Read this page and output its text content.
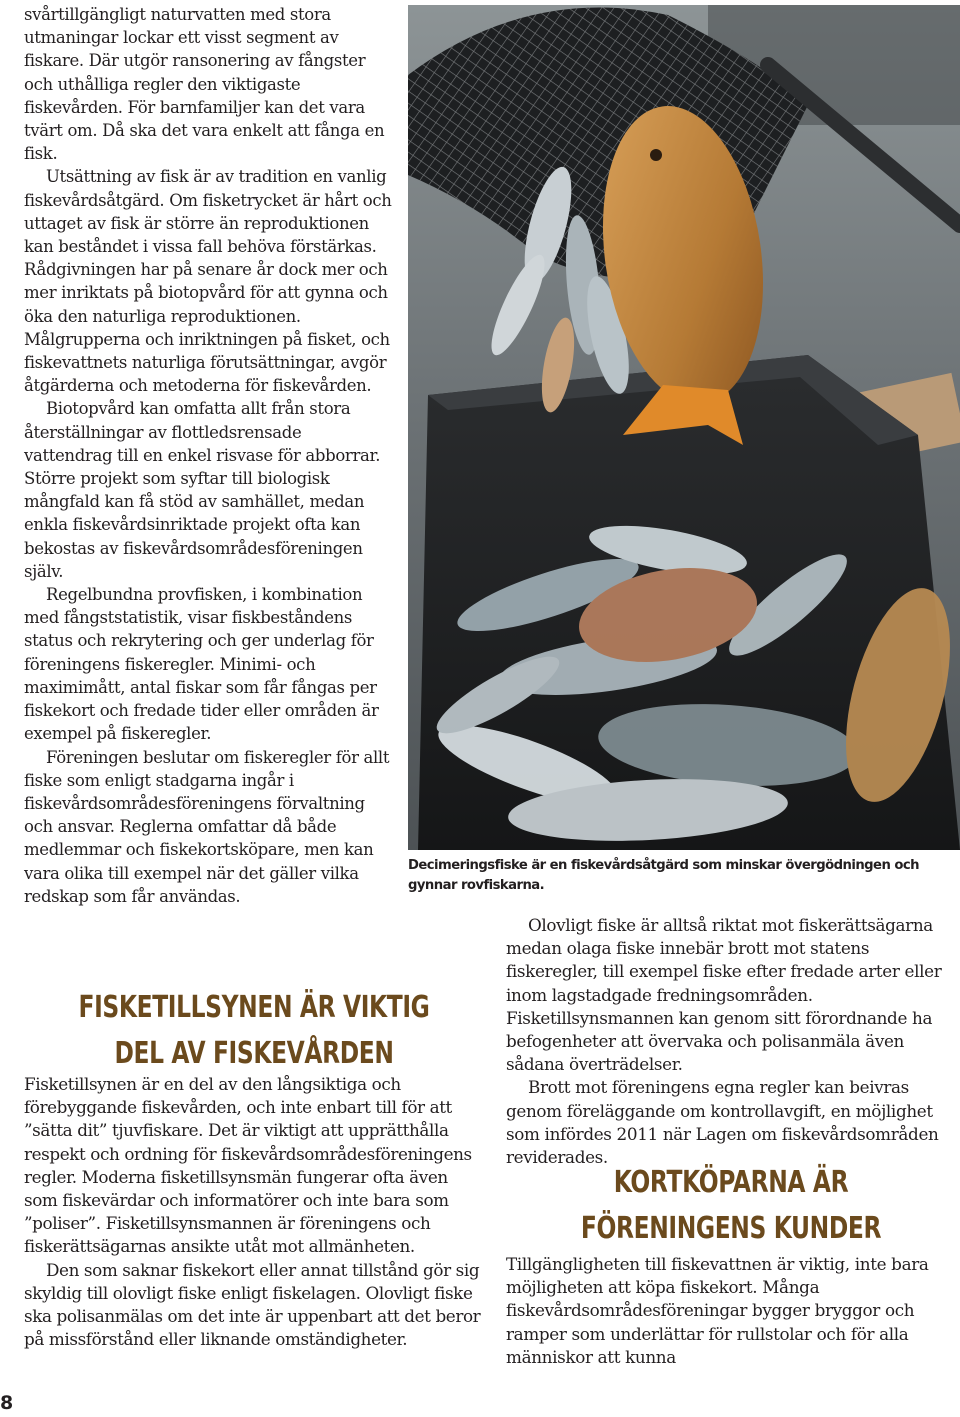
svårtillgängligt naturvatten med stora utmaningar lockar ett visst segment av fiskare. Där utgör ransonering av fångster och uthålliga regler den viktigaste fiskevården. För barnfamiljer kan det vara tvärt om. Då ska det vara enkelt att fånga en fisk.

Utsättning av fisk är av tradition en vanlig fiskevårdsåtgärd. Om fisketrycket är hårt och uttaget av fisk är större än reproduktionen kan beståndet i vissa fall behöva förstärkas. Rådgivningen har på senare år dock mer och mer inriktats på biotopvård för att gynna och öka den naturliga reproduktionen. Målgrupperna och inriktningen på fisket, och fiskevattnets naturliga förutsättningar, avgör åtgärderna och metoderna för fiskevården.

Biotopvård kan omfatta allt från stora återställningar av flottledsrensade vattendrag till en enkel risvase för abborrar. Större projekt som syftar till biologisk mångfald kan få stöd av samhället, medan enkla fiskevårdsinriktade projekt ofta kan bekostas av fiskevårdsområdesföreningen själv.

Regelbundna provfisken, i kombination med fångststatistik, visar fiskbeståndens status och rekrytering och ger underlag för föreningens fiskeregler. Minimi- och maximimått, antal fiskar som får fångas per fiskekort och fredade tider eller områden är exempel på fiskeregler.

Föreningen beslutar om fiskeregler för allt fiske som enligt stadgarna ingår i fiskevårdsområdesföreningens förvaltning och ansvar. Reglerna omfattar då både medlemmar och fiskekortsköpare, men kan vara olika till exempel när det gäller vilka redskap som får användas.

FISKETILLSYNEN ÄR VIKTIG DEL AV FISKEVÅRDEN

Fisketillsynen är en del av den långsiktiga och förebyggande fiskevården, och inte enbart till för att ”sätta dit” tjuvfiskare. Det är viktigt att upprätthålla respekt och ordning för fiskevårdsområdesföreningens regler. Moderna fisketillsynsmän fungerar ofta även som fiskevärdar och informatörer och inte bara som ”poliser”. Fisketillsynsmannen är föreningens och fiskerättsägarnas ansikte utåt mot allmänheten.

Den som saknar fiskekort eller annat tillstånd gör sig skyldig till olovligt fiske enligt fiskelagen. Olovligt fiske ska polisanmälas om det inte är uppenbart att det beror på missförstånd eller liknande omständigheter.

Decimeringsfiske är en fiskevårdsåtgärd som minskar övergödningen och gynnar rovfiskarna.

Olovligt fiske är alltså riktat mot fiskerättsägarna medan olaga fiske innebär brott mot statens fiskeregler, till exempel fiske efter fredade arter eller inom lagstadgade fredningsområden. Fisketillsynsmannen kan genom sitt förordnande ha befogenheter att övervaka och polisanmäla även sådana överträdelser.

Brott mot föreningens egna regler kan beivras genom föreläggande om kontrollavgift, en möjlighet som infördes 2011 när Lagen om fiskevårdsområden reviderades.

KORTKÖPARNA ÄR FÖRENINGENS KUNDER

Tillgängligheten till fiskevattnen är viktig, inte bara möjligheten att köpa fiskekort. Många fiskevårdsområdesföreningar bygger bryggor och ramper som underlättar för rullstolar och för alla människor att kunna

8
